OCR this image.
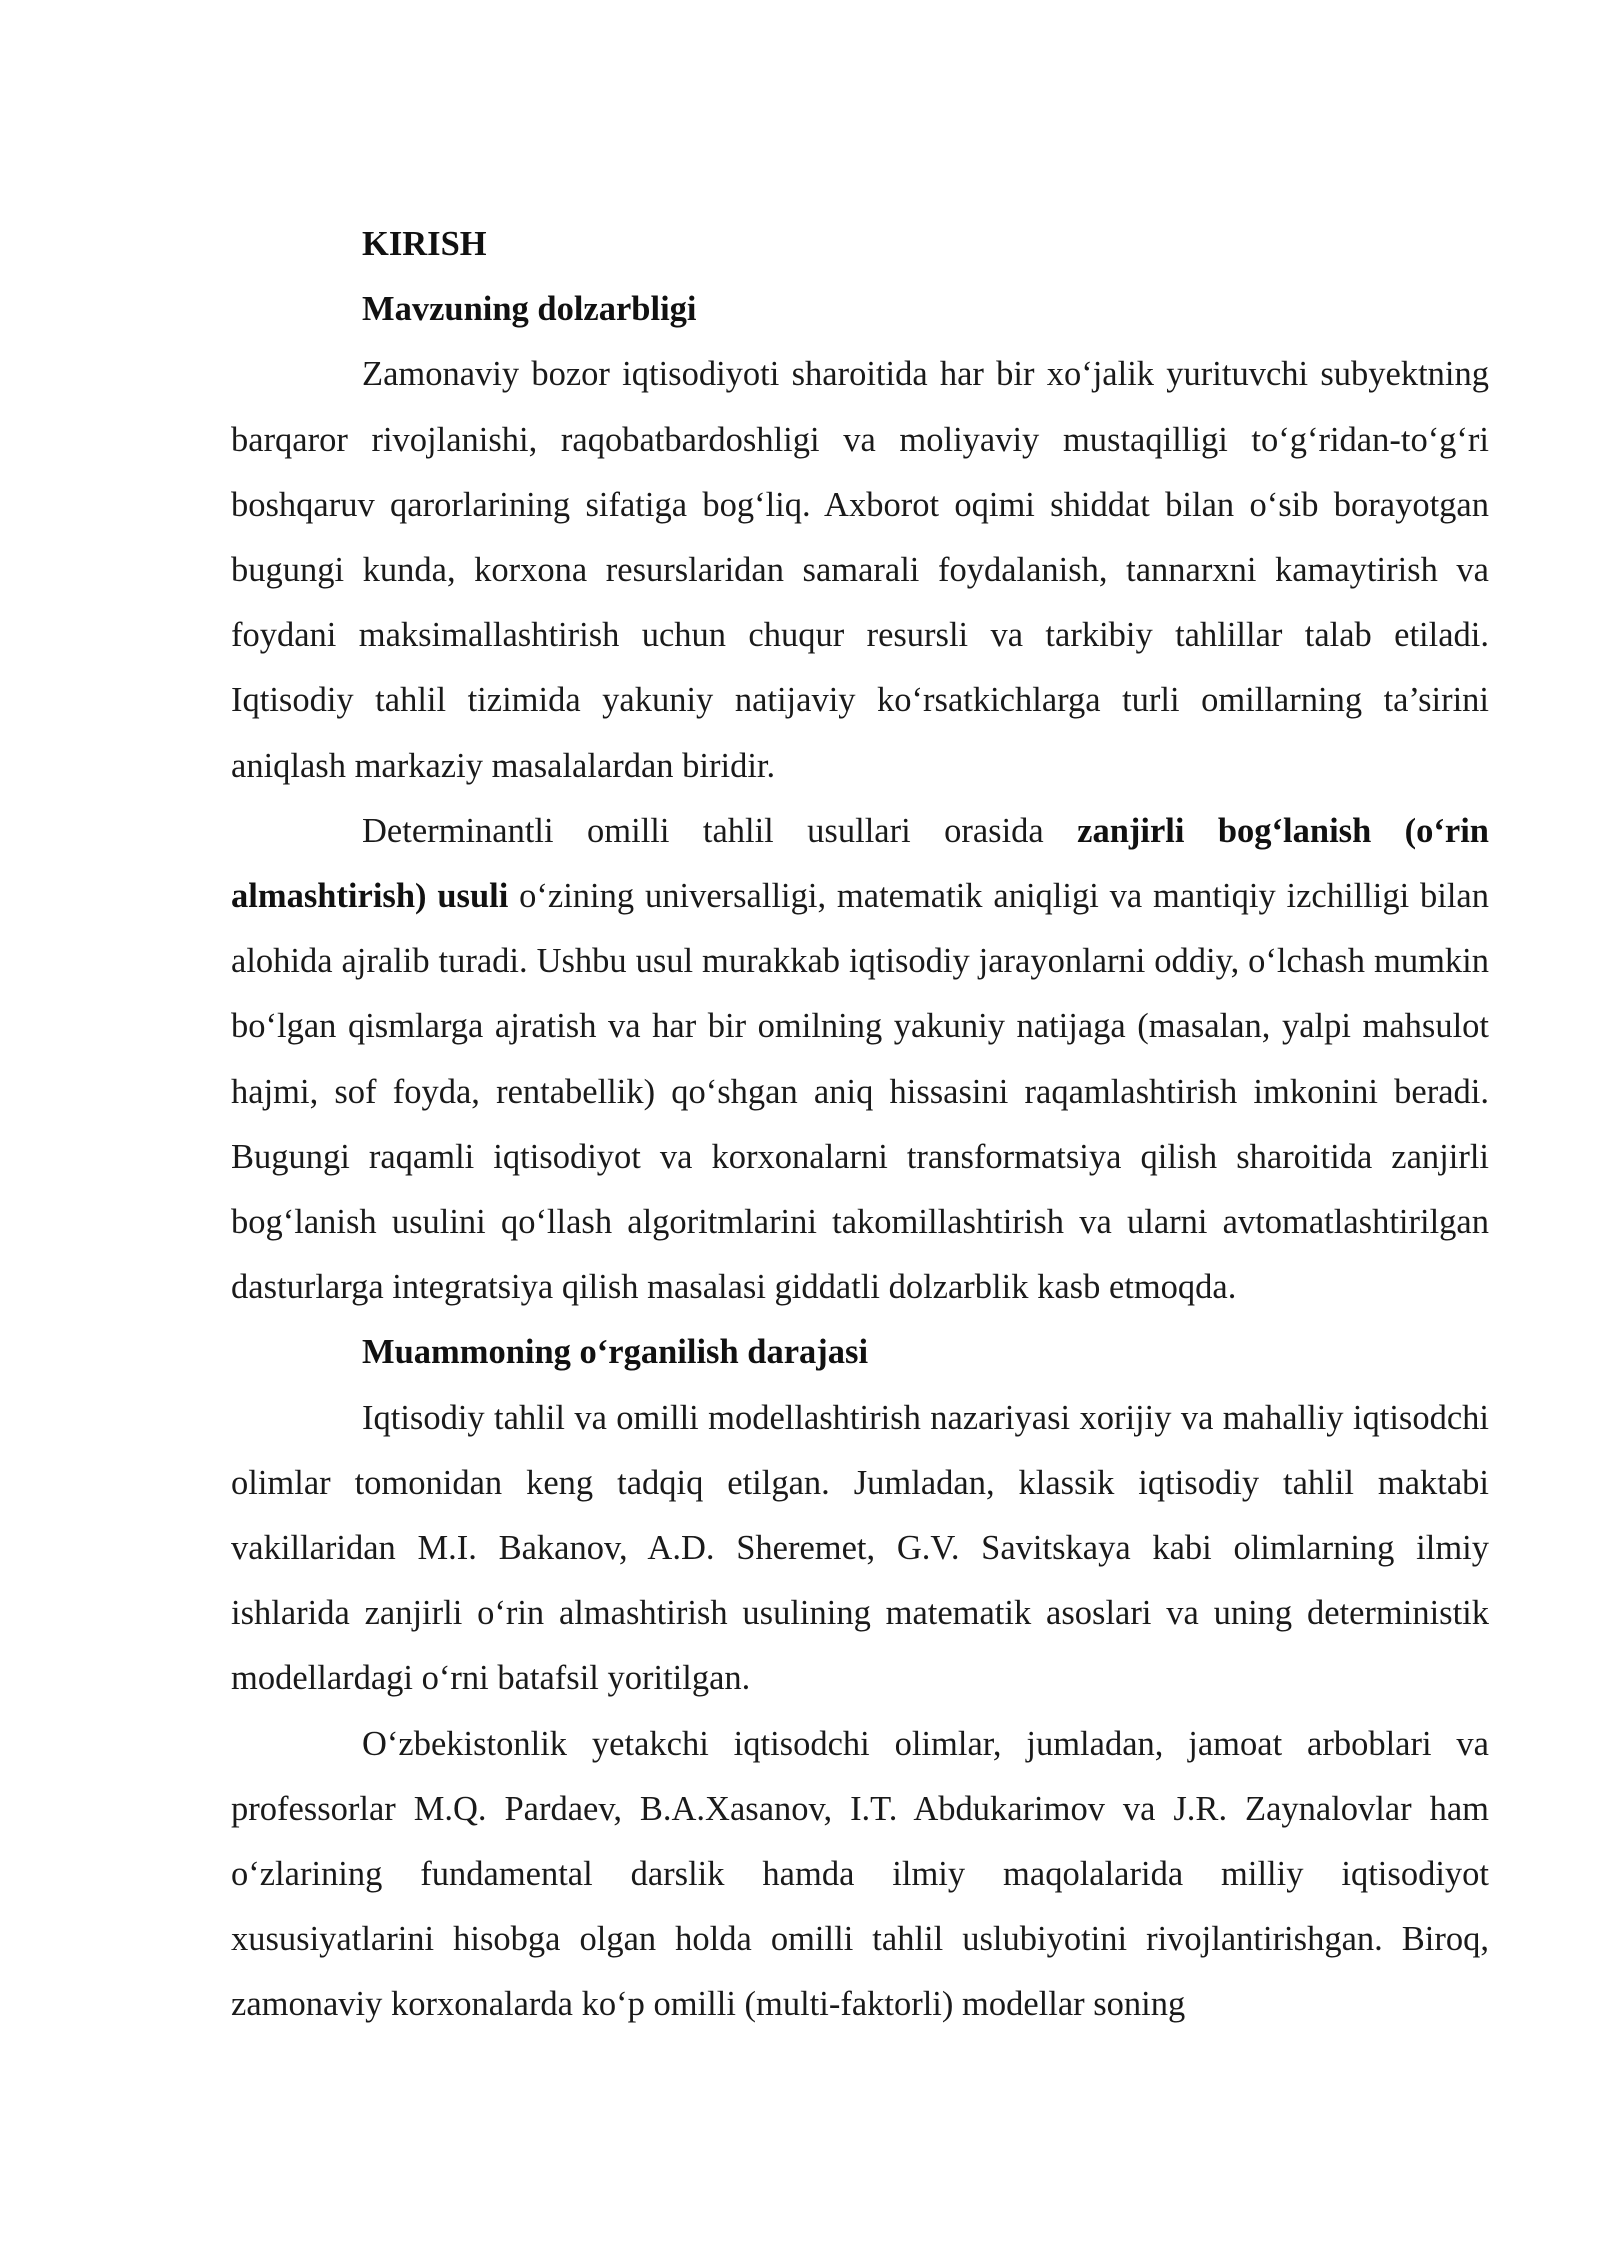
KIRISH

Mavzuning dolzarbligi

Zamonaviy bozor iqtisodiyoti sharoitida har bir xo‘jalik yurituvchi subyektning barqaror rivojlanishi, raqobatbardoshligi va moliyaviy mustaqilligi to‘g‘ridan-to‘g‘ri boshqaruv qarorlarining sifatiga bog‘liq. Axborot oqimi shiddat bilan o‘sib borayotgan bugungi kunda, korxona resurslaridan samarali foydalanish, tannarxni kamaytirish va foydani maksimallashtirish uchun chuqur resursli va tarkibiy tahlillar talab etiladi. Iqtisodiy tahlil tizimida yakuniy natijaviy ko‘rsatkichlarga turli omillarning ta’sirini aniqlash markaziy masalalardan biridir.

Determinantli omilli tahlil usullari orasida zanjirli bog‘lanish (o‘rin almashtirish) usuli o‘zining universalligi, matematik aniqligi va mantiqiy izchilligi bilan alohida ajralib turadi. Ushbu usul murakkab iqtisodiy jarayonlarni oddiy, o‘lchash mumkin bo‘lgan qismlarga ajratish va har bir omilning yakuniy natijaga (masalan, yalpi mahsulot hajmi, sof foyda, rentabellik) qo‘shgan aniq hissasini raqamlashtirish imkonini beradi. Bugungi raqamli iqtisodiyot va korxonalarni transformatsiya qilish sharoitida zanjirli bog‘lanish usulini qo‘llash algoritmlarini takomillashtirish va ularni avtomatlashtirilgan dasturlarga integratsiya qilish masalasi giddatli dolzarblik kasb etmoqda.

Muammoning o‘rganilish darajasi

Iqtisodiy tahlil va omilli modellashtirish nazariyasi xorijiy va mahalliy iqtisodchi olimlar tomonidan keng tadqiq etilgan. Jumladan, klassik iqtisodiy tahlil maktabi vakillaridan M.I. Bakanov, A.D. Sheremet, G.V. Savitskaya kabi olimlarning ilmiy ishlarida zanjirli o‘rin almashtirish usulining matematik asoslari va uning deterministik modellardagi o‘rni batafsil yoritilgan.

O‘zbekistonlik yetakchi iqtisodchi olimlar, jumladan, jamoat arboblari va professorlar M.Q. Pardaev, B.A.Xasanov, I.T. Abdukarimov va J.R. Zaynalovlar ham o‘zlarining fundamental darslik hamda ilmiy maqolalarida milliy iqtisodiyot xususiyatlarini hisobga olgan holda omilli tahlil uslubiyotini rivojlantirishgan. Biroq, zamonaviy korxonalarda ko‘p omilli (multi-faktorli) modellar soning
